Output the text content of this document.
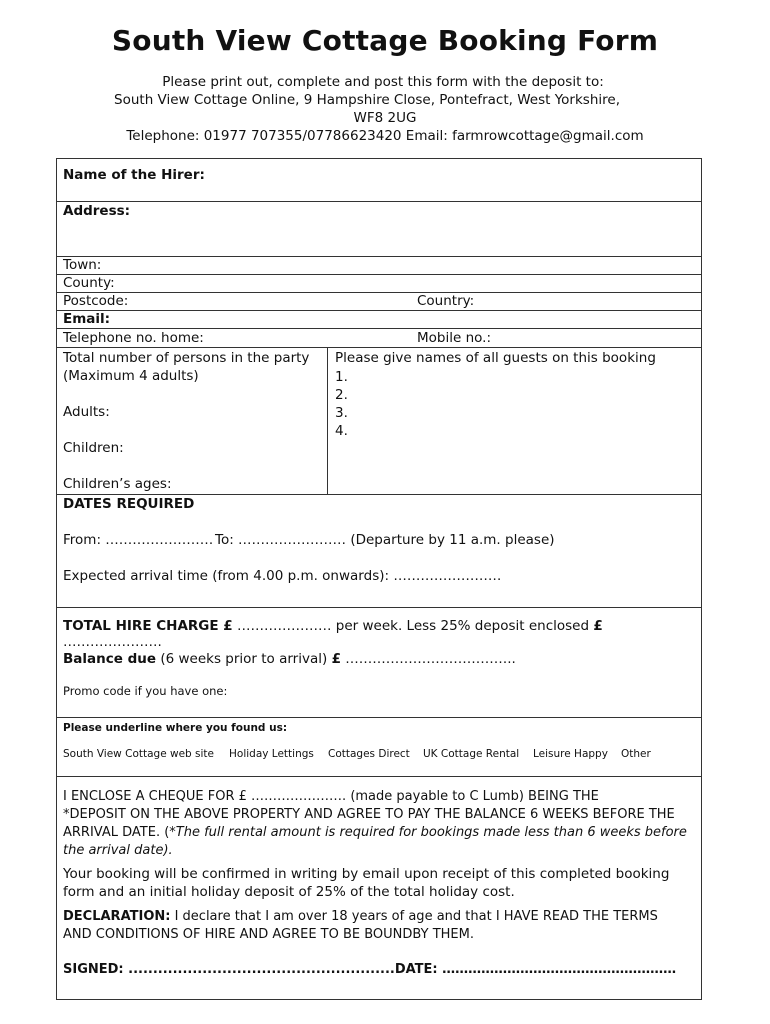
South View Cottage Booking Form
Please print out, complete and post this form with the deposit to:
South View Cottage Online, 9 Hampshire Close, Pontefract, West Yorkshire,
WF8 2UG
Telephone: 01977 707355/07786623420 Email: farmrowcottage@gmail.com
Name of the Hirer:
Address:
Town:
County:
Postcode:	Country:
Email:
Telephone no. home:	Mobile no.:
Total number of persons in the party
(Maximum 4 adults)
Adults:
Children:
Children’s ages:
Please give names of all guests on this booking
1.
2.
3.
4.
DATES REQUIRED
From: …………………… To: …………………… (Departure by 11 a.m. please)
Expected arrival time (from 4.00 p.m. onwards): ……………………
TOTAL HIRE CHARGE £ ………………… per week. Less 25% deposit enclosed £ ………………….
Balance due (6 weeks prior to arrival) £ ………………………………..
Promo code if you have one:
Please underline where you found us:
South View Cottage web site Holiday Lettings Cottages Direct UK Cottage Rental Leisure Happy Other
I ENCLOSE A CHEQUE FOR £ …………………. (made payable to C Lumb) BEING THE
*DEPOSIT ON THE ABOVE PROPERTY AND AGREE TO PAY THE BALANCE 6 WEEKS BEFORE THE
ARRIVAL DATE. (*The full rental amount is required for bookings made less than 6 weeks before
the arrival date).
Your booking will be confirmed in writing by email upon receipt of this completed booking
form and an initial holiday deposit of 25% of the total holiday cost.
DECLARATION: I declare that I am over 18 years of age and that I HAVE READ THE TERMS
AND CONDITIONS OF HIRE AND AGREE TO BE BOUNDBY THEM.
SIGNED: ......................................................DATE: ………………………………………………
